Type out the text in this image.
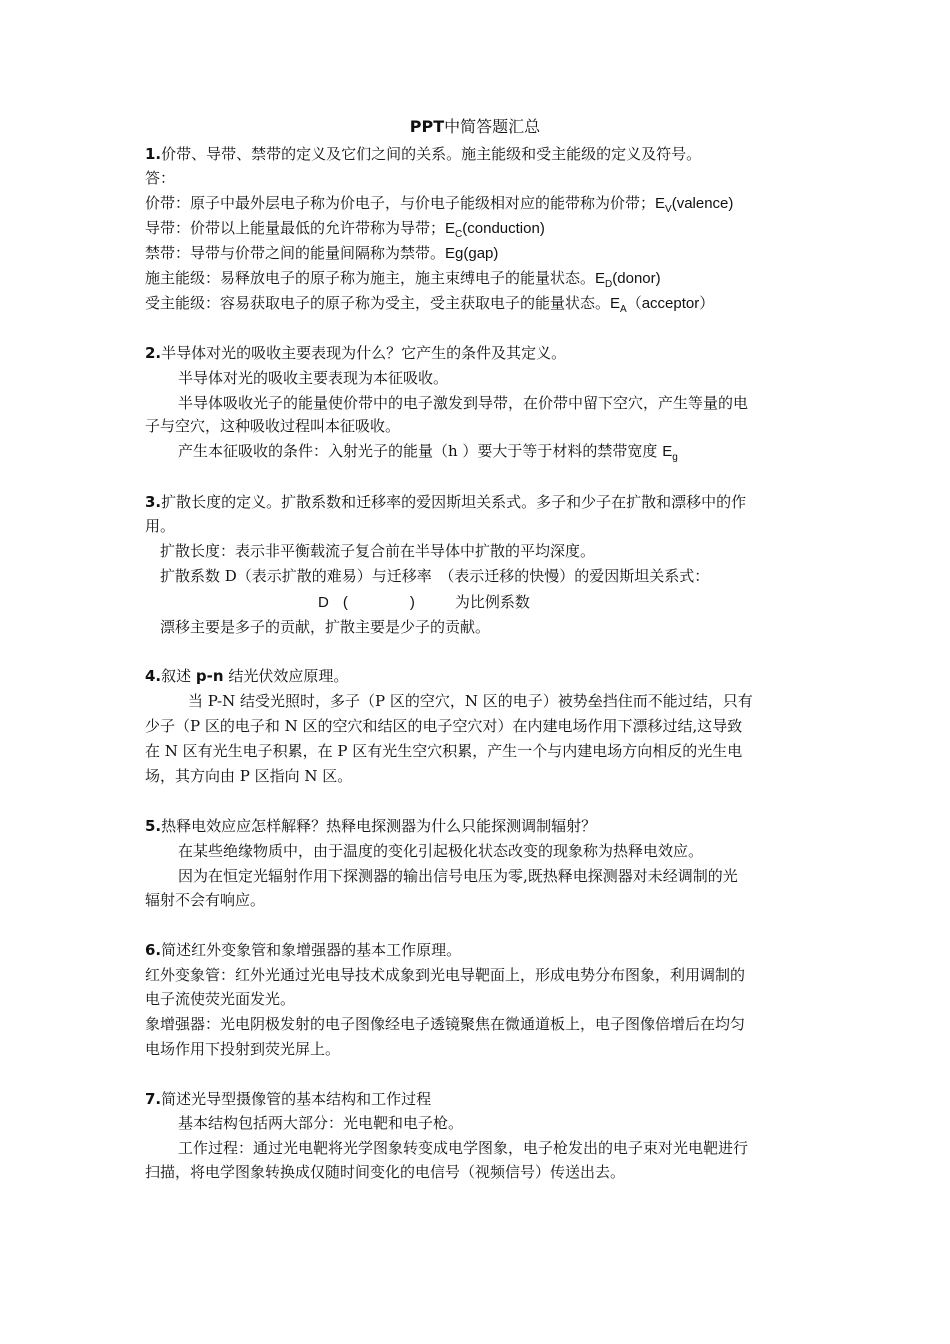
PPT中简答题汇总
1.价带、导带、禁带的定义及它们之间的关系。施主能级和受主能级的定义及符号。
答：
价带：原子中最外层电子称为价电子，与价电子能级相对应的能带称为价带；$E_V(valence)$
导带：价带以上能量最低的允许带称为导带；$E_C(conduction)$
禁带：导带与价带之间的能量间隔称为禁带。Eg(gap)
施主能级：易释放电子的原子称为施主，施主束缚电子的能量状态。$E_D(donor)$
受主能级：容易获取电子的原子称为受主，受主获取电子的能量状态。$E_A(acceptor)$
2.半导体对光的吸收主要表现为什么？它产生的条件及其定义。
半导体对光的吸收主要表现为本征吸收。
半导体吸收光子的能量使价带中的电子激发到导带，在价带中留下空穴，产生等量的电
子与空穴，这种吸收过程叫本征吸收。
产生本征吸收的条件：入射光子的能量（h ）要大于等于材料的禁带宽度 $E_g$
3.扩散长度的定义。扩散系数和迁移率的爱因斯坦关系式。多子和少子在扩散和漂移中的作
用。
扩散长度：表示非平衡载流子复合前在半导体中扩散的平均深度。
扩散系数 D（表示扩散的难易）与迁移率　（表示迁移的快慢）的爱因斯坦关系式：
D (	)	为比例系数
漂移主要是多子的贡献，扩散主要是少子的贡献。
4.叙述 p-n 结光伏效应原理。
当 P-N 结受光照时，多子（P 区的空穴，N 区的电子）被势垒挡住而不能过结，只有
少子（P 区的电子和 N 区的空穴和结区的电子空穴对）在内建电场作用下漂移过结,这导致
在 N 区有光生电子积累，在 P 区有光生空穴积累，产生一个与内建电场方向相反的光生电
场，其方向由 P 区指向 N 区。
5.热释电效应应怎样解释？热释电探测器为什么只能探测调制辐射？
在某些绝缘物质中，由于温度的变化引起极化状态改变的现象称为热释电效应。
因为在恒定光辐射作用下探测器的输出信号电压为零,既热释电探测器对未经调制的光
辐射不会有响应。
6.简述红外变象管和象增强器的基本工作原理。
红外变象管：红外光通过光电导技术成象到光电导靶面上，形成电势分布图象，利用调制的
电子流使荧光面发光。
象增强器：光电阴极发射的电子图像经电子透镜聚焦在微通道板上，电子图像倍增后在均匀
电场作用下投射到荧光屏上。
7.简述光导型摄像管的基本结构和工作过程
基本结构包括两大部分：光电靶和电子枪。
工作过程：通过光电靶将光学图象转变成电学图象，电子枪发出的电子束对光电靶进行
扫描，将电学图象转换成仅随时间变化的电信号（视频信号）传送出去。
